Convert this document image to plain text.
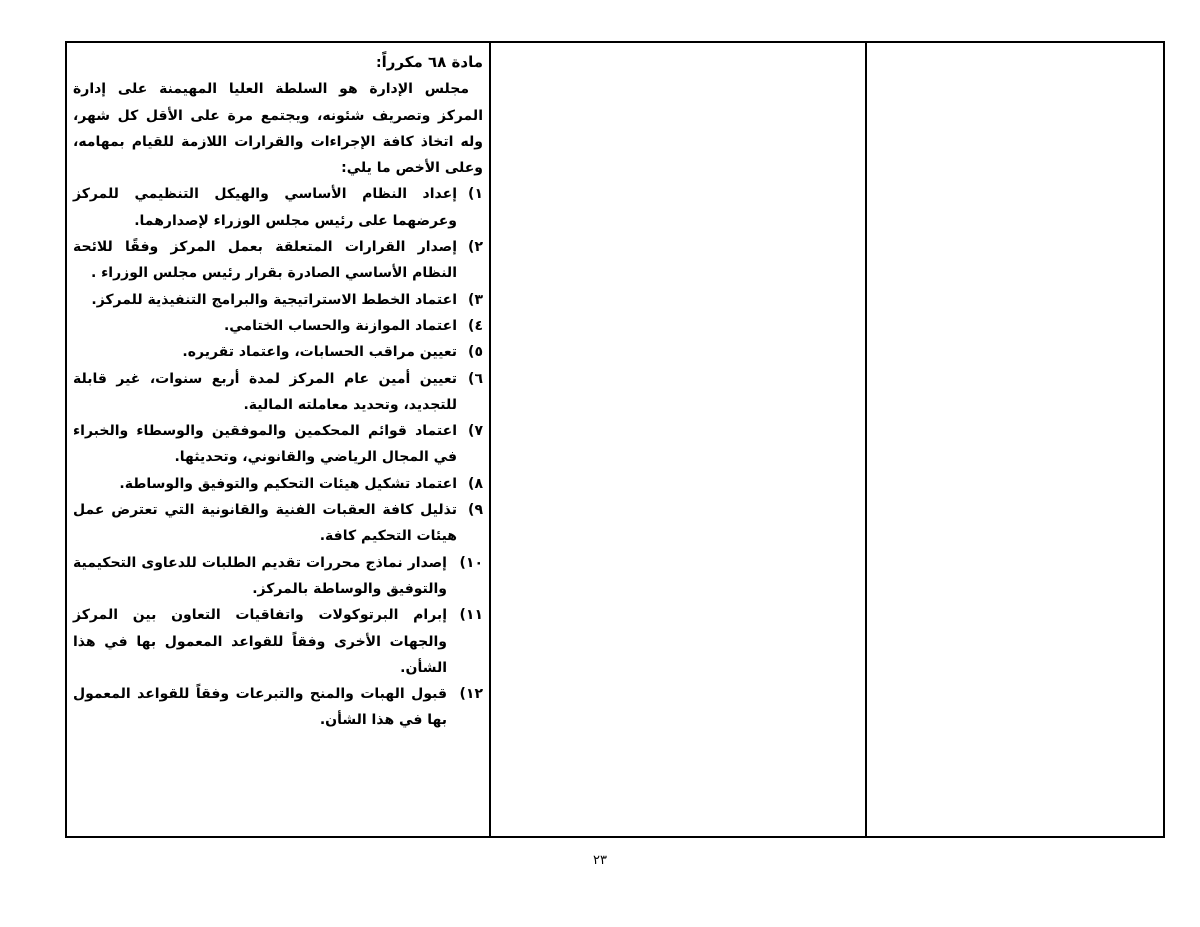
مادة ٦٨ مكرراً:

مجلس الإدارة هو السلطة العليا المهيمنة على إدارة المركز وتصريف شئونه، ويجتمع مرة على الأقل كل شهر، وله اتخاذ كافة الإجراءات والقرارات اللازمة للقيام بمهامه، وعلى الأخص ما يلي:

١)
إعداد النظام الأساسي والهيكل التنظيمي للمركز وعرضهما على رئيس مجلس الوزراء لإصدارهما.
٢)
إصدار القرارات المتعلقة بعمل المركز وفقًا للائحة النظام الأساسي الصادرة بقرار رئيس مجلس الوزراء .
٣)
اعتماد الخطط الاستراتيجية والبرامج التنفيذية للمركز.
٤)
اعتماد الموازنة والحساب الختامي.
٥)
تعيين مراقب الحسابات، واعتماد تقريره.
٦)
تعيين أمين عام المركز لمدة أربع سنوات، غير قابلة للتجديد، وتحديد معاملته المالية.
٧)
اعتماد قوائم المحكمين والموفقين والوسطاء والخبراء في المجال الرياضي والقانوني، وتحديثها.
٨)
اعتماد تشكيل هيئات التحكيم والتوفيق والوساطة.
٩)
تذليل كافة العقبات الفنية والقانونية التي تعترض عمل هيئات التحكيم كافة.
١٠)
إصدار نماذج محررات تقديم الطلبات للدعاوى التحكيمية والتوفيق والوساطة بالمركز.
١١)
إبرام البرتوكولات واتفاقيات التعاون بين المركز والجهات الأخرى وفقاً للقواعد المعمول بها في هذا الشأن.
١٢)
قبول الهبات والمنح والتبرعات وفقاً للقواعد المعمول بها في هذا الشأن.
٢٣
